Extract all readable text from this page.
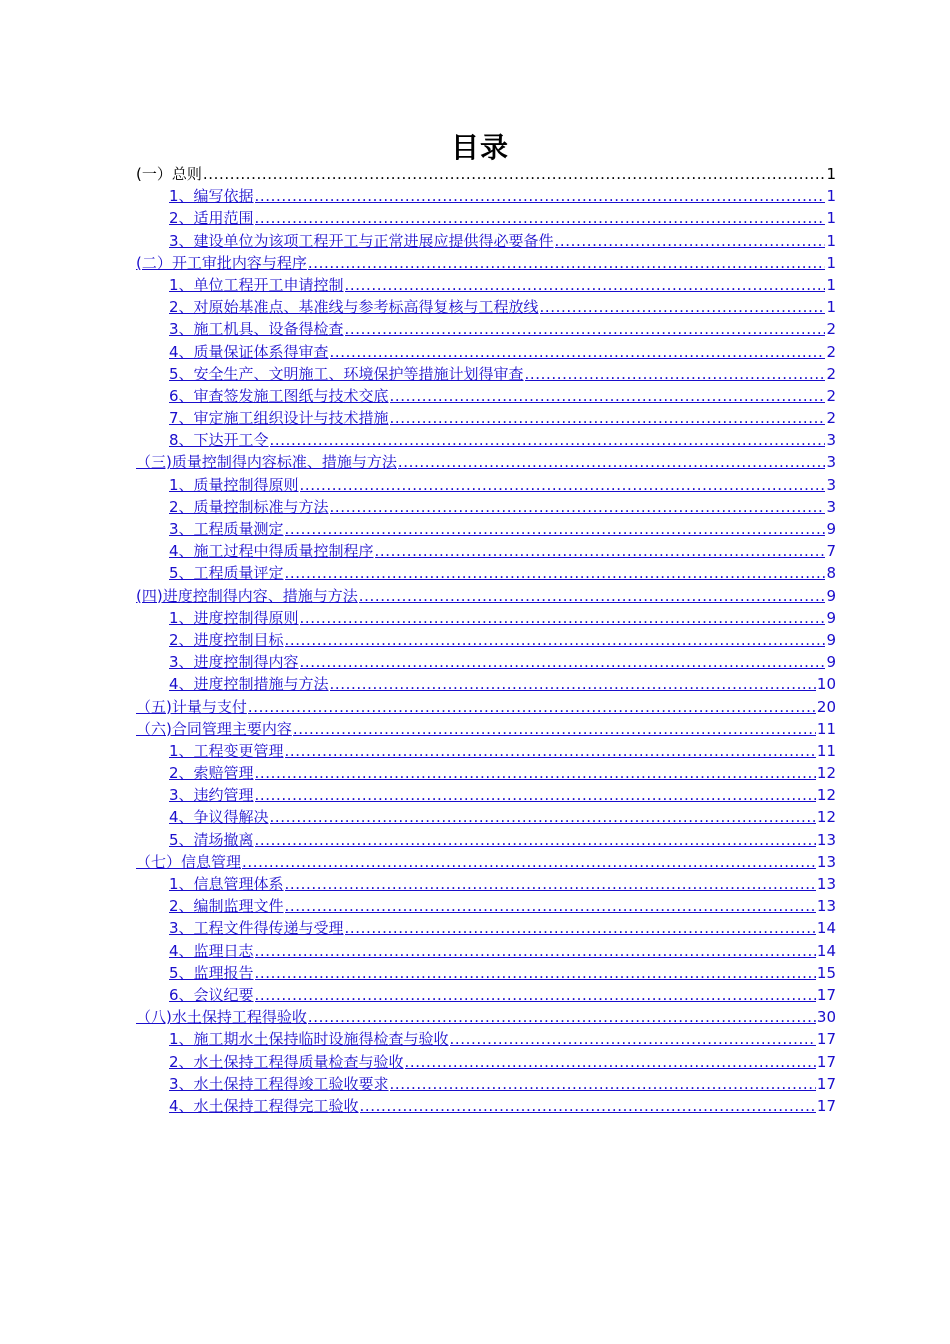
目录
(一）总则 .....	1
1、编写依据 .....	1
2、适用范围 .....	1
3、建设单位为该项工程开工与正常进展应提供得必要备件 .....	1
(二）开工审批内容与程序 .....	1
1、单位工程开工申请控制 .....	1
2、对原始基准点、基准线与参考标高得复核与工程放线 .....	1
3、施工机具、设备得检查 .....	2
4、质量保证体系得审查 .....	2
5、安全生产、文明施工、环境保护等措施计划得审查 .....	2
6、审查签发施工图纸与技术交底 .....	2
7、审定施工组织设计与技术措施 .....	2
8、下达开工令 .....	3
（三)质量控制得内容标准、措施与方法 .....	3
1、质量控制得原则 .....	3
2、质量控制标准与方法 .....	3
3、工程质量测定 .....	9
4、施工过程中得质量控制程序 .....	7
5、工程质量评定 .....	8
(四)进度控制得内容、措施与方法 .....	9
1、进度控制得原则 .....	9
2、进度控制目标 .....	9
3、进度控制得内容 .....	9
4、进度控制措施与方法 .....	10
（五)计量与支付 .....	20
（六)合同管理主要内容 .....	11
1、工程变更管理 .....	11
2、索赔管理 .....	12
3、违约管理 .....	12
4、争议得解决 .....	12
5、清场撤离 .....	13
（七）信息管理 .....	13
1、信息管理体系 .....	13
2、编制监理文件 .....	13
3、工程文件得传递与受理 .....	14
4、监理日志 .....	14
5、监理报告 .....	15
6、会议纪要 .....	17
（八)水土保持工程得验收 .....	30
1、施工期水土保持临时设施得检查与验收 .....	17
2、水土保持工程得质量检查与验收 .....	17
3、水土保持工程得竣工验收要求 .....	17
4、水土保持工程得完工验收 .....	17
